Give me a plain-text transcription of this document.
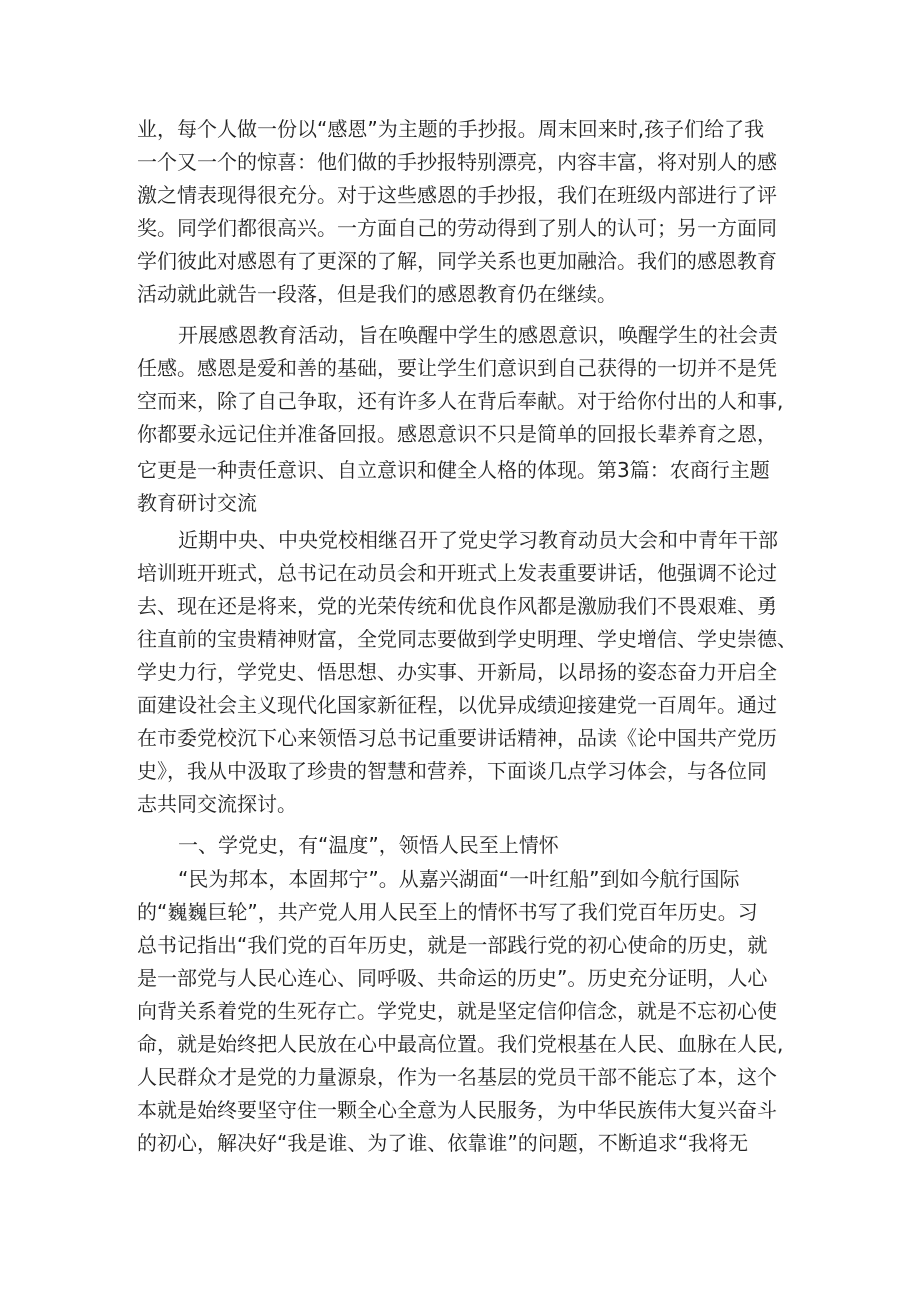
业，每个人做一份以“感恩”为主题的手抄报。周末回来时,孩子们给了我
一个又一个的惊喜：他们做的手抄报特别漂亮，内容丰富，将对别人的感
激之情表现得很充分。对于这些感恩的手抄报，我们在班级内部进行了评
奖。同学们都很高兴。一方面自己的劳动得到了别人的认可；另一方面同
学们彼此对感恩有了更深的了解，同学关系也更加融洽。我们的感恩教育
活动就此就告一段落，但是我们的感恩教育仍在继续。
开展感恩教育活动，旨在唤醒中学生的感恩意识，唤醒学生的社会责
任感。感恩是爱和善的基础，要让学生们意识到自己获得的一切并不是凭
空而来，除了自己争取，还有许多人在背后奉献。对于给你付出的人和事,
你都要永远记住并准备回报。感恩意识不只是简单的回报长辈养育之恩，
它更是一种责任意识、自立意识和健全人格的体现。第3篇：农商行主题
教育研讨交流
近期中央、中央党校相继召开了党史学习教育动员大会和中青年干部
培训班开班式，总书记在动员会和开班式上发表重要讲话，他强调不论过
去、现在还是将来，党的光荣传统和优良作风都是激励我们不畏艰难、勇
往直前的宝贵精神财富，全党同志要做到学史明理、学史增信、学史崇德、
学史力行，学党史、悟思想、办实事、开新局，以昂扬的姿态奋力开启全
面建设社会主义现代化国家新征程，以优异成绩迎接建党一百周年。通过
在市委党校沉下心来领悟习总书记重要讲话精神，品读《论中国共产党历
史》，我从中汲取了珍贵的智慧和营养，下面谈几点学习体会，与各位同
志共同交流探讨。
一、学党史，有“温度”，领悟人民至上情怀
“民为邦本，本固邦宁”。从嘉兴湖面“一叶红船”到如今航行国际
的“巍巍巨轮”，共产党人用人民至上的情怀书写了我们党百年历史。习
总书记指出“我们党的百年历史，就是一部践行党的初心使命的历史，就
是一部党与人民心连心、同呼吸、共命运的历史”。历史充分证明，人心
向背关系着党的生死存亡。学党史，就是坚定信仰信念，就是不忘初心使
命，就是始终把人民放在心中最高位置。我们党根基在人民、血脉在人民,
人民群众才是党的力量源泉，作为一名基层的党员干部不能忘了本，这个
本就是始终要坚守住一颗全心全意为人民服务，为中华民族伟大复兴奋斗
的初心，解决好“我是谁、为了谁、依靠谁”的问题，不断追求“我将无
